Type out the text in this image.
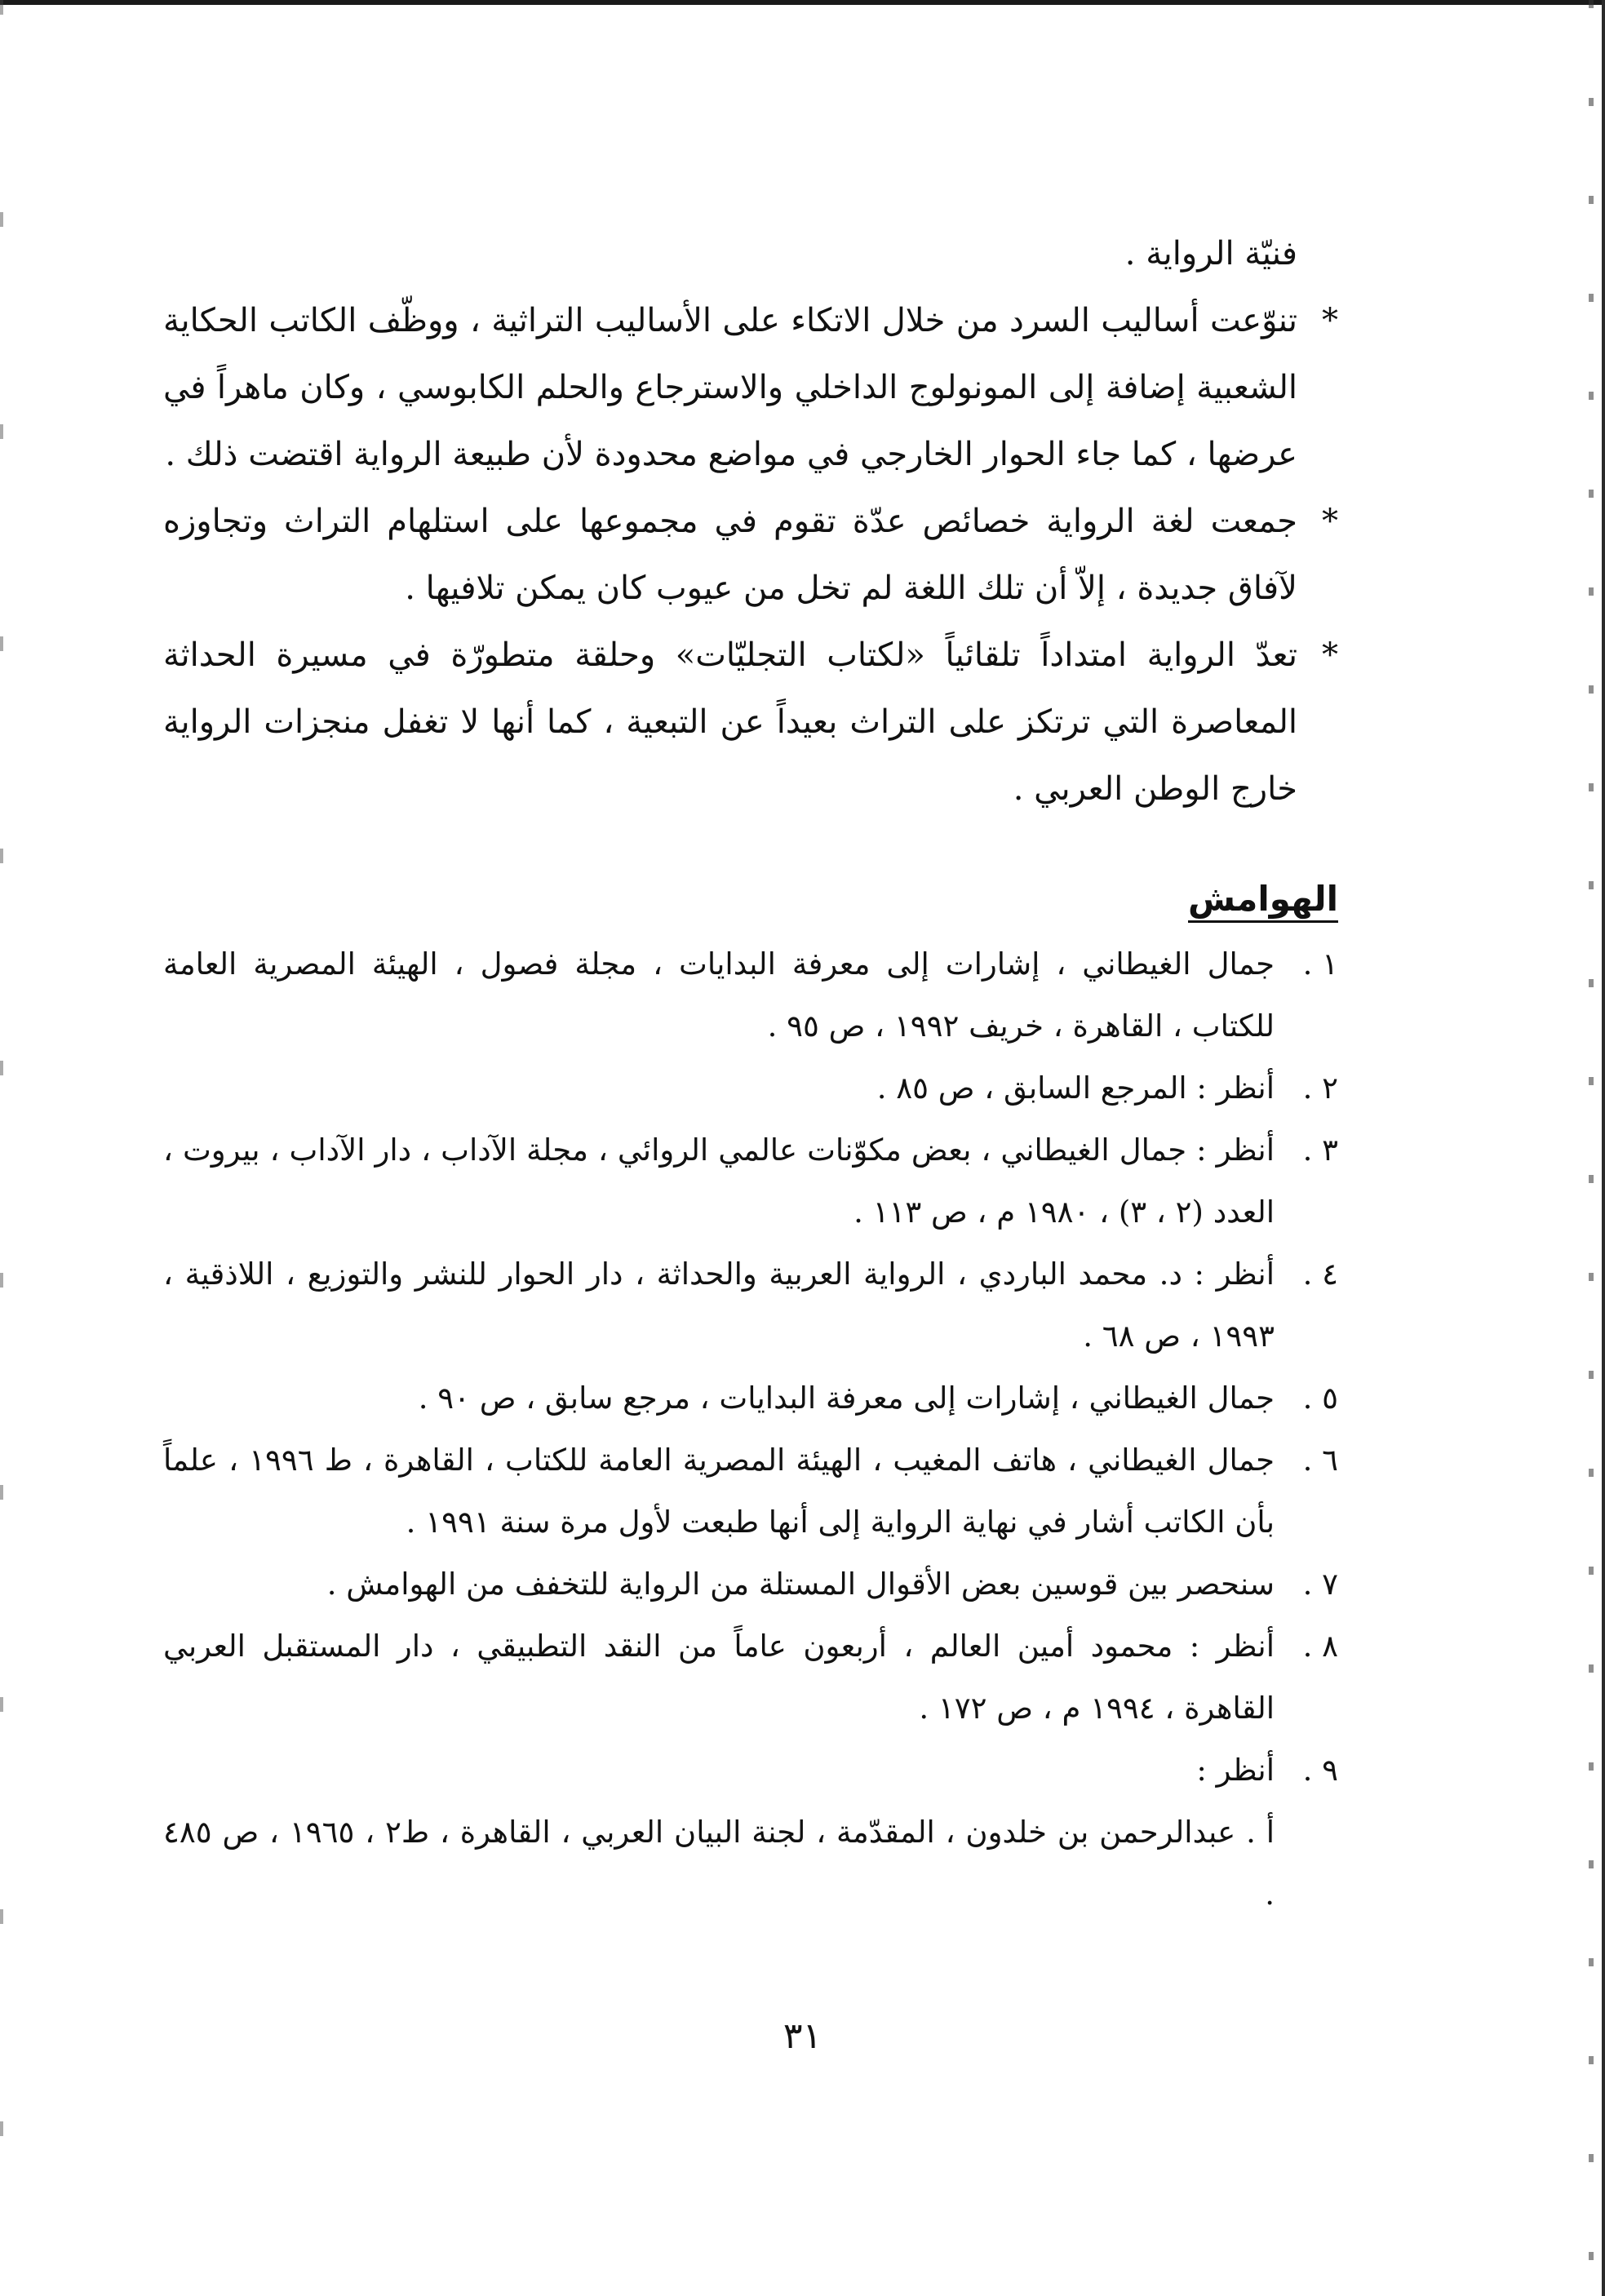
فنيّة الرواية .

*
تنوّعت أساليب السرد من خلال الاتكاء على الأساليب التراثية ، ووظّف الكاتب الحكاية الشعبية إضافة إلى المونولوج الداخلي والاسترجاع والحلم الكابوسي ، وكان ماهراً في عرضها ، كما جاء الحوار الخارجي في مواضع محدودة لأن طبيعة الرواية اقتضت ذلك .

*
جمعت لغة الرواية خصائص عدّة تقوم في مجموعها على استلهام التراث وتجاوزه لآفاق جديدة ، إلاّ أن تلك اللغة لم تخل من عيوب كان يمكن تلافيها .

*
تعدّ الرواية امتداداً تلقائياً «لكتاب التجليّات» وحلقة متطورّة في مسيرة الحداثة المعاصرة التي ترتكز على التراث بعيداً عن التبعية ، كما أنها لا تغفل منجزات الرواية خارج الوطن العربي .

الهوامش

١ .
جمال الغيطاني ، إشارات إلى معرفة البدايات ، مجلة فصول ، الهيئة المصرية العامة للكتاب ، القاهرة ، خريف ١٩٩٢ ، ص ٩٥ .

٢ .
أنظر : المرجع السابق ، ص ٨٥ .

٣ .
أنظر : جمال الغيطاني ، بعض مكوّنات عالمي الروائي ، مجلة الآداب ، دار الآداب ، بيروت ، العدد (٢ ، ٣) ، ١٩٨٠ م ، ص ١١٣ .

٤ .
أنظر : د. محمد الباردي ، الرواية العربية والحداثة ، دار الحوار للنشر والتوزيع ، اللاذقية ، ١٩٩٣ ، ص ٦٨ .

٥ .
جمال الغيطاني ، إشارات إلى معرفة البدايات ، مرجع سابق ، ص ٩٠ .

٦ .
جمال الغيطاني ، هاتف المغيب ، الهيئة المصرية العامة للكتاب ، القاهرة ، ط ١٩٩٦ ، علماً بأن الكاتب أشار في نهاية الرواية إلى أنها طبعت لأول مرة سنة ١٩٩١ .

٧ .
سنحصر بين قوسين بعض الأقوال المستلة من الرواية للتخفف من الهوامش .

٨ .
أنظر : محمود أمين العالم ، أربعون عاماً من النقد التطبيقي ، دار المستقبل العربي القاهرة ، ١٩٩٤ م ، ص ١٧٢ .

٩ .
أنظر :

أ . عبدالرحمن بن خلدون ، المقدّمة ، لجنة البيان العربي ، القاهرة ، ط٢ ، ١٩٦٥ ، ص ٤٨٥ .

٣١
